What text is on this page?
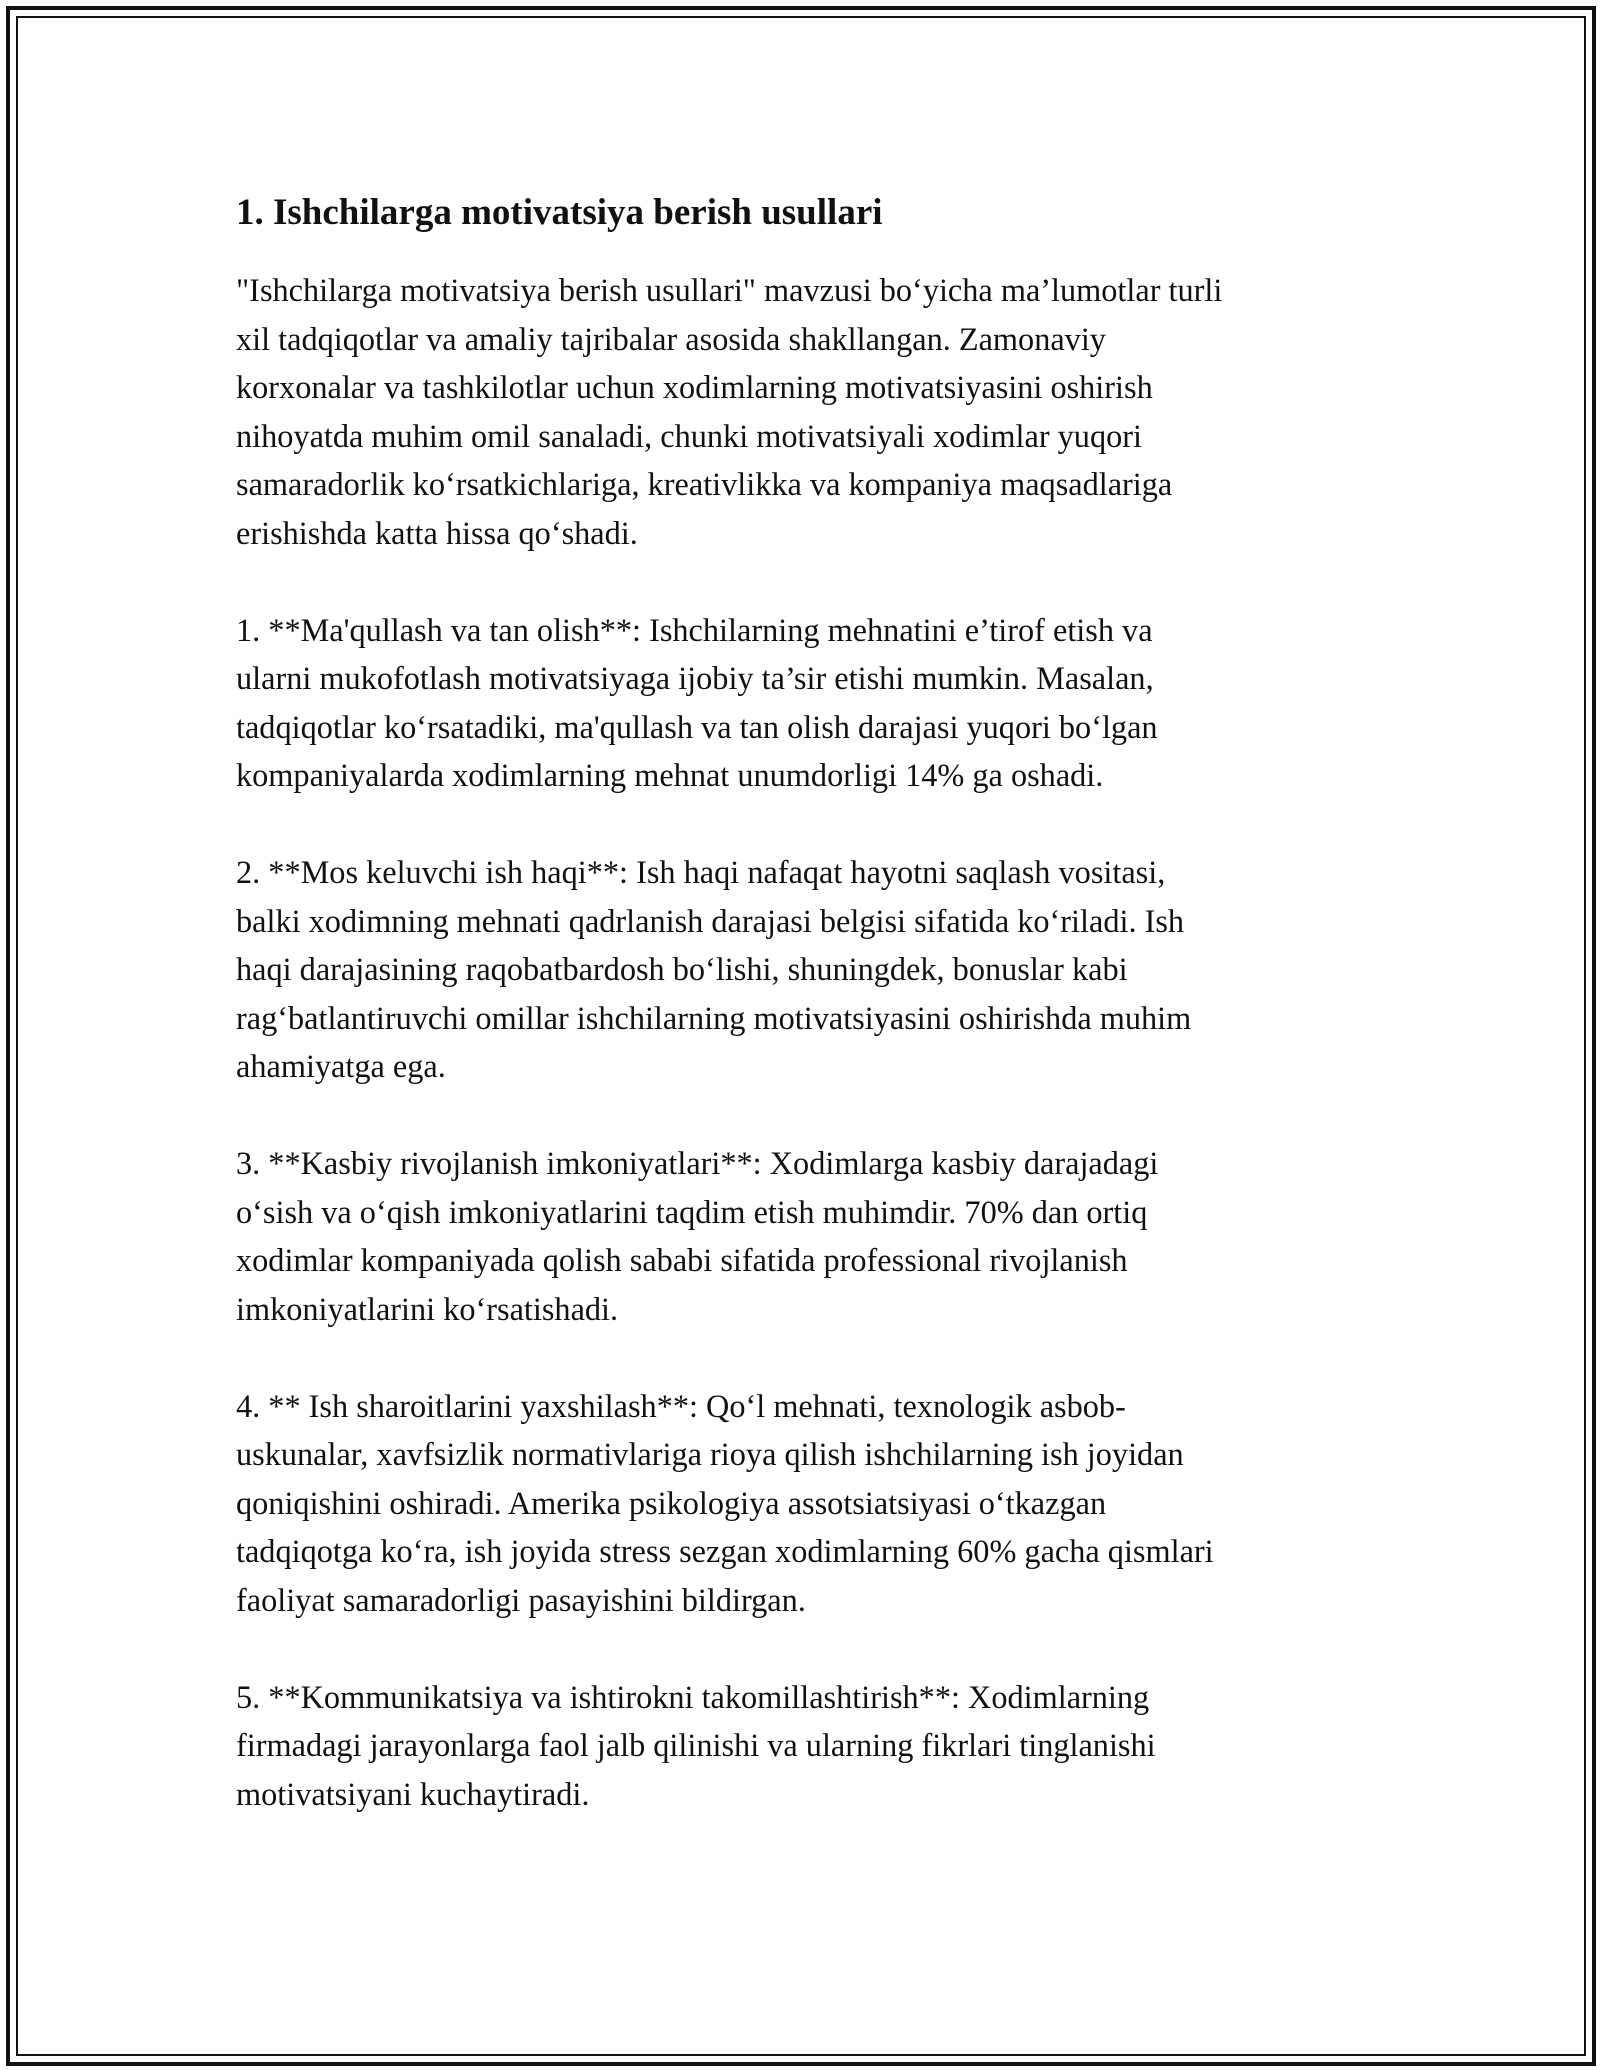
1. Ishchilarga motivatsiya berish usullari

"Ishchilarga motivatsiya berish usullari" mavzusi bo‘yicha ma’lumotlar turli
xil tadqiqotlar va amaliy tajribalar asosida shakllangan. Zamonaviy
korxonalar va tashkilotlar uchun xodimlarning motivatsiyasini oshirish
nihoyatda muhim omil sanaladi, chunki motivatsiyali xodimlar yuqori
samaradorlik ko‘rsatkichlariga, kreativlikka va kompaniya maqsadlariga
erishishda katta hissa qo‘shadi.

1. **Ma'qullash va tan olish**: Ishchilarning mehnatini e’tirof etish va
ularni mukofotlash motivatsiyaga ijobiy ta’sir etishi mumkin. Masalan,
tadqiqotlar ko‘rsatadiki, ma'qullash va tan olish darajasi yuqori bo‘lgan
kompaniyalarda xodimlarning mehnat unumdorligi 14% ga oshadi.

2. **Mos keluvchi ish haqi**: Ish haqi nafaqat hayotni saqlash vositasi,
balki xodimning mehnati qadrlanish darajasi belgisi sifatida ko‘riladi. Ish
haqi darajasining raqobatbardosh bo‘lishi, shuningdek, bonuslar kabi
rag‘batlantiruvchi omillar ishchilarning motivatsiyasini oshirishda muhim
ahamiyatga ega.

3. **Kasbiy rivojlanish imkoniyatlari**: Xodimlarga kasbiy darajadagi
o‘sish va o‘qish imkoniyatlarini taqdim etish muhimdir. 70% dan ortiq
xodimlar kompaniyada qolish sababi sifatida professional rivojlanish
imkoniyatlarini ko‘rsatishadi.

4. ** Ish sharoitlarini yaxshilash**: Qo‘l mehnati, texnologik asbob-
uskunalar, xavfsizlik normativlariga rioya qilish ishchilarning ish joyidan
qoniqishini oshiradi. Amerika psikologiya assotsiatsiyasi o‘tkazgan
tadqiqotga ko‘ra, ish joyida stress sezgan xodimlarning 60% gacha qismlari
faoliyat samaradorligi pasayishini bildirgan.

5. **Kommunikatsiya va ishtirokni takomillashtirish**: Xodimlarning
firmadagi jarayonlarga faol jalb qilinishi va ularning fikrlari tinglanishi
motivatsiyani kuchaytiradi.
